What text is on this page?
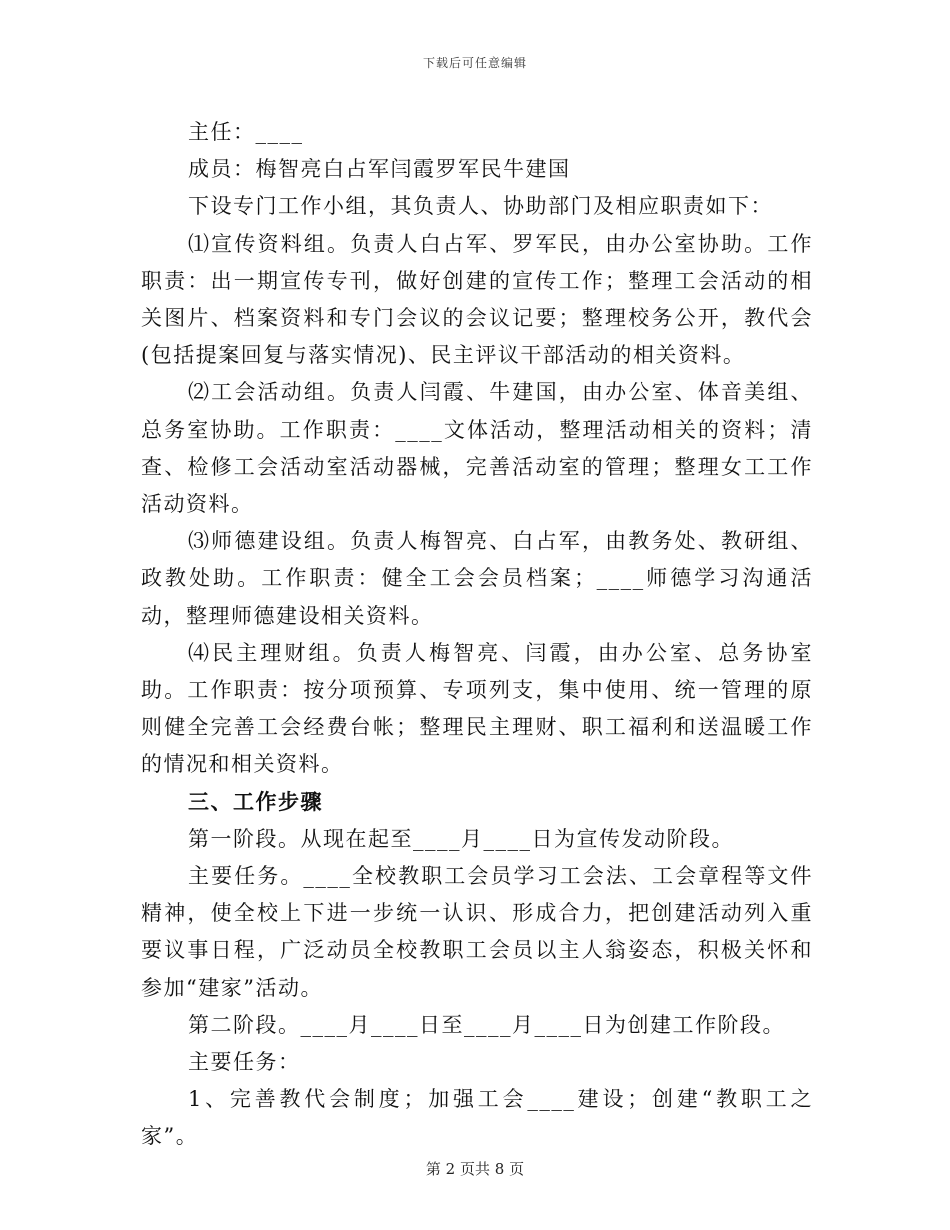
下载后可任意编辑

主任：____

成员：梅智亮白占军闫霞罗军民牛建国

下设专门工作小组，其负责人、协助部门及相应职责如下：

⑴宣传资料组。负责人白占军、罗军民，由办公室协助。工作职责：出一期宣传专刊，做好创建的宣传工作；整理工会活动的相关图片、档案资料和专门会议的会议记要；整理校务公开，教代会(包括提案回复与落实情况)、民主评议干部活动的相关资料。

⑵工会活动组。负责人闫霞、牛建国，由办公室、体音美组、总务室协助。工作职责：____文体活动，整理活动相关的资料；清查、检修工会活动室活动器械，完善活动室的管理；整理女工工作活动资料。

⑶师德建设组。负责人梅智亮、白占军，由教务处、教研组、政教处助。工作职责：健全工会会员档案；____师德学习沟通活动，整理师德建设相关资料。

⑷民主理财组。负责人梅智亮、闫霞，由办公室、总务协室助。工作职责：按分项预算、专项列支，集中使用、统一管理的原则健全完善工会经费台帐；整理民主理财、职工福利和送温暖工作的情况和相关资料。

三、工作步骤

第一阶段。从现在起至____月____日为宣传发动阶段。

主要任务。____全校教职工会员学习工会法、工会章程等文件精神，使全校上下进一步统一认识、形成合力，把创建活动列入重要议事日程，广泛动员全校教职工会员以主人翁姿态，积极关怀和参加“建家”活动。

第二阶段。____月____日至____月____日为创建工作阶段。

主要任务：

1、完善教代会制度；加强工会____建设；创建“教职工之家”。

第 2 页共 8 页
